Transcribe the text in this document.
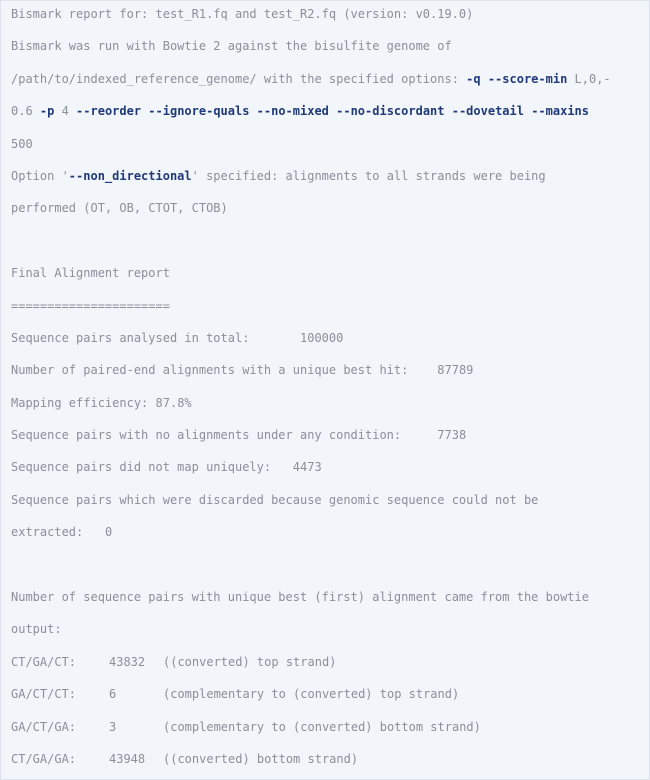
Bismark report for: test_R1.fq and test_R2.fq (version: v0.19.0)
Bismark was run with Bowtie 2 against the bisulfite genome of
/path/to/indexed_reference_genome/ with the specified options: -q --score-min L,0,-
0.6 -p 4 --reorder --ignore-quals --no-mixed --no-discordant --dovetail --maxins
500
Option '--non_directional' specified: alignments to all strands were being
performed (OT, OB, CTOT, CTOB)
Final Alignment report
======================
Sequence pairs analysed in total:	100000
Number of paired-end alignments with a unique best hit: 87789
Mapping efficiency: 87.8%
Sequence pairs with no alignments under any condition:	7738
Sequence pairs did not map uniquely: 4473
Sequence pairs which were discarded because genomic sequence could not be
extracted: 0
Number of sequence pairs with unique best (first) alignment came from the bowtie
output:
CT/GA/CT:	43832 ((converted) top strand)
GA/CT/CT:	6	(complementary to (converted) top strand)
GA/CT/GA:	3	(complementary to (converted) bottom strand)
CT/GA/GA:	43948 ((converted) bottom strand)
